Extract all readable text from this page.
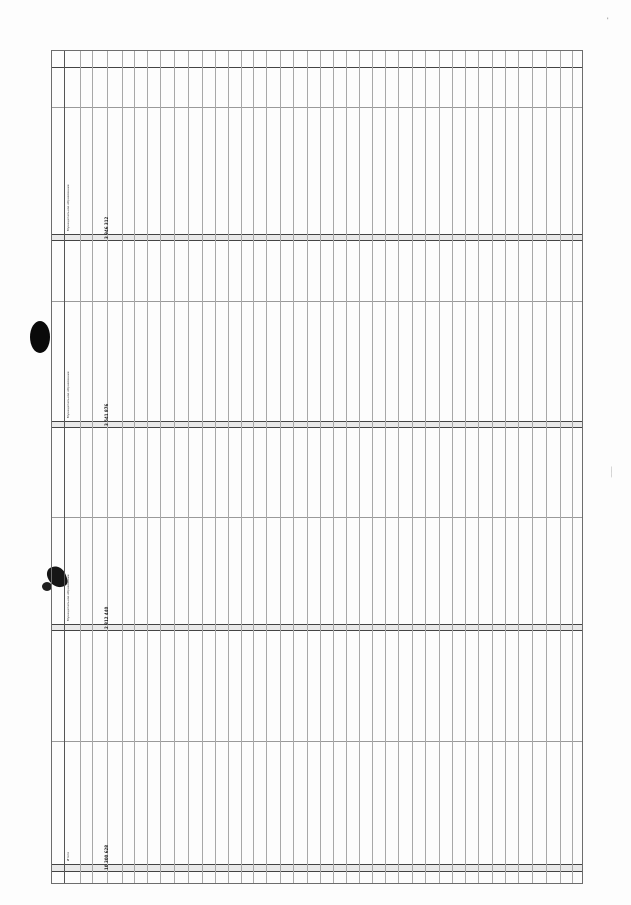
'
──────
3 946 312
3 541 876
2 812 440
10 300 628
Муниципальное образование
Муниципальное образование
Муниципальное образование
Итого
